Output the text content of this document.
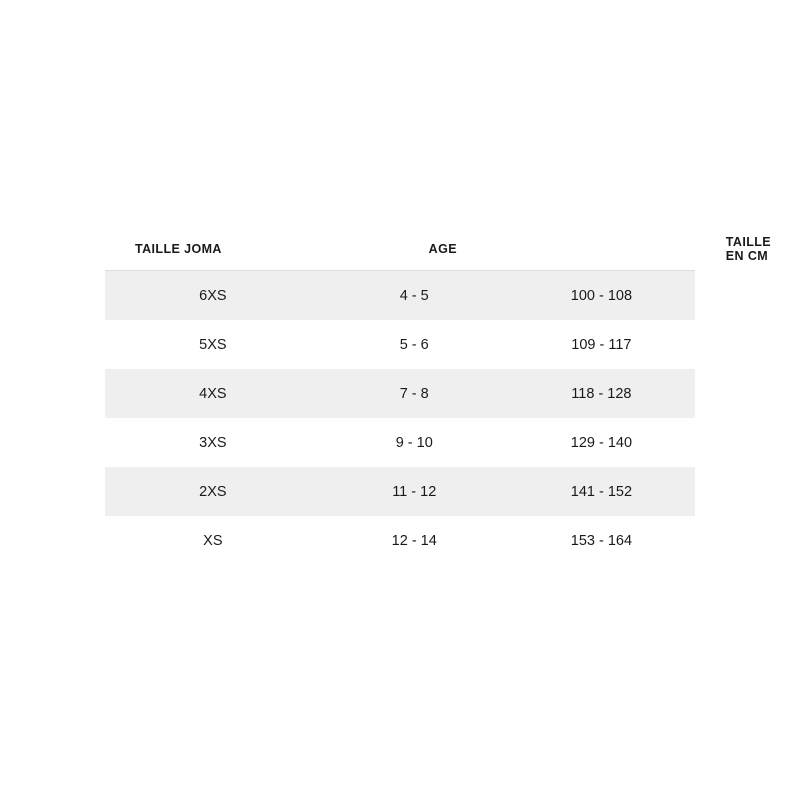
TAILLE JOMA	AGE	TAILLE EN CM
6XS	4 - 5	100 - 108
5XS	5 - 6	109 - 117
4XS	7 - 8	118 - 128
3XS	9 - 10	129 - 140
2XS	11 - 12	141 - 152
XS	12 - 14	153 - 164
